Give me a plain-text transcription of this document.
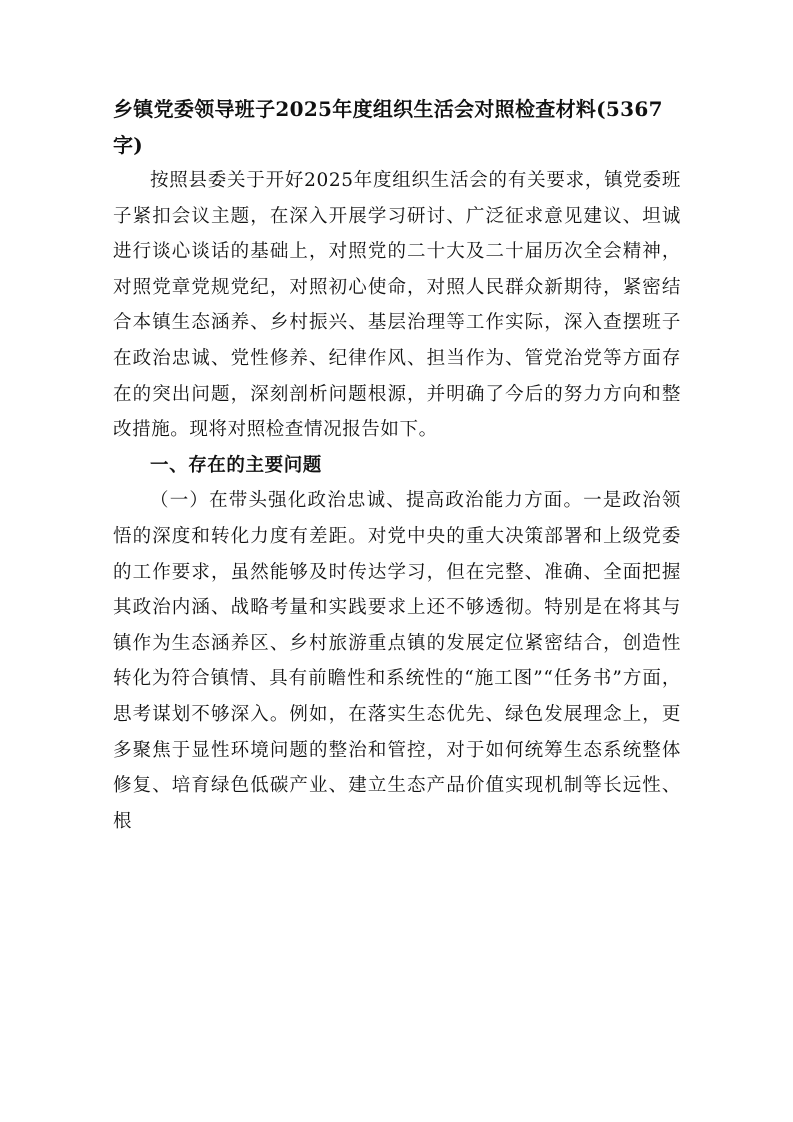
乡镇党委领导班子2025年度组织生活会对照检查材料(5367字)

按照县委关于开好2025年度组织生活会的有关要求，镇党委班子紧扣会议主题，在深入开展学习研讨、广泛征求意见建议、坦诚进行谈心谈话的基础上，对照党的二十大及二十届历次全会精神，对照党章党规党纪，对照初心使命，对照人民群众新期待，紧密结合本镇生态涵养、乡村振兴、基层治理等工作实际，深入查摆班子在政治忠诚、党性修养、纪律作风、担当作为、管党治党等方面存在的突出问题，深刻剖析问题根源，并明确了今后的努力方向和整改措施。现将对照检查情况报告如下。

一、存在的主要问题

（一）在带头强化政治忠诚、提高政治能力方面。一是政治领悟的深度和转化力度有差距。对党中央的重大决策部署和上级党委的工作要求，虽然能够及时传达学习，但在完整、准确、全面把握其政治内涵、战略考量和实践要求上还不够透彻。特别是在将其与镇作为生态涵养区、乡村旅游重点镇的发展定位紧密结合，创造性转化为符合镇情、具有前瞻性和系统性的“施工图”“任务书”方面，思考谋划不够深入。例如，在落实生态优先、绿色发展理念上，更多聚焦于显性环境问题的整治和管控，对于如何统筹生态系统整体修复、培育绿色低碳产业、建立生态产品价值实现机制等长远性、根
